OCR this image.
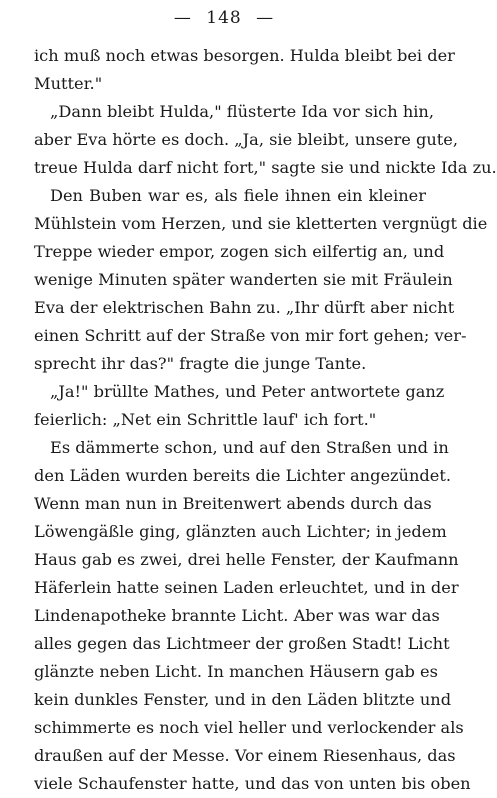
— 148 —
ich muß noch etwas besorgen. Hulda bleibt bei der
Mutter."
„Dann bleibt Hulda," flüsterte Ida vor sich hin,
aber Eva hörte es doch. „Ja, sie bleibt, unsere gute,
treue Hulda darf nicht fort," sagte sie und nickte Ida zu.
Den Buben war es, als fiele ihnen ein kleiner
Mühlstein vom Herzen, und sie kletterten vergnügt die
Treppe wieder empor, zogen sich eilfertig an, und
wenige Minuten später wanderten sie mit Fräulein
Eva der elektrischen Bahn zu. „Ihr dürft aber nicht
einen Schritt auf der Straße von mir fort gehen; ver-
sprecht ihr das?" fragte die junge Tante.
„Ja!" brüllte Mathes, und Peter antwortete ganz
feierlich: „Net ein Schrittle lauf' ich fort."
Es dämmerte schon, und auf den Straßen und in
den Läden wurden bereits die Lichter angezündet.
Wenn man nun in Breitenwert abends durch das
Löwengäßle ging, glänzten auch Lichter; in jedem
Haus gab es zwei, drei helle Fenster, der Kaufmann
Häferlein hatte seinen Laden erleuchtet, und in der
Lindenapotheke brannte Licht. Aber was war das
alles gegen das Lichtmeer der großen Stadt! Licht
glänzte neben Licht. In manchen Häusern gab es
kein dunkles Fenster, und in den Läden blitzte und
schimmerte es noch viel heller und verlockender als
draußen auf der Messe. Vor einem Riesenhaus, das
viele Schaufenster hatte, und das von unten bis oben
